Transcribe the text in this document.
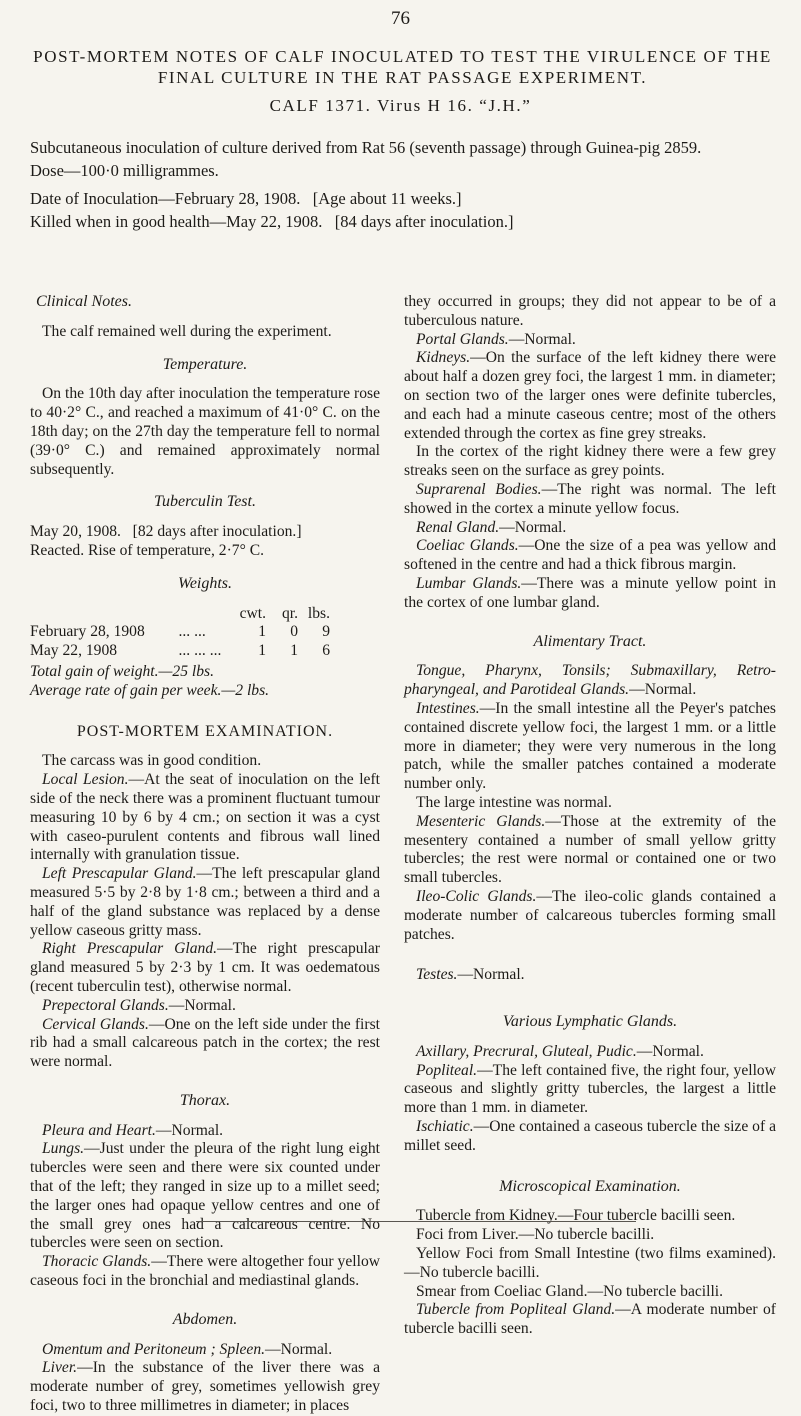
76
POST-MORTEM NOTES OF CALF INOCULATED TO TEST THE VIRULENCE OF THE FINAL CULTURE IN THE RAT PASSAGE EXPERIMENT.
CALF 1371. Virus H 16. “J.H.”
Subcutaneous inoculation of culture derived from Rat 56 (seventh passage) through Guinea-pig 2859.
Dose—100·0 milligrammes.
Date of Inoculation—February 28, 1908.   [Age about 11 weeks.]
Killed when in good health—May 22, 1908.   [84 days after inoculation.]
Clinical Notes.

The calf remained well during the experiment.

Temperature.

On the 10th day after inoculation the temperature rose to 40·2° C., and reached a maximum of 41·0° C. on the 18th day; on the 27th day the temperature fell to normal (39·0° C.) and remained approximately normal subsequently.

Tuberculin Test.

May 20, 1908.   [82 days after inoculation.]

Reacted. Rise of temperature, 2·7° C.

Weights.
		cwt.	qr.	lbs.
February 28, 1908	... ...	1	0	9
May 22, 1908	... ... ...	1	1	6

Total gain of weight.—25 lbs.

Average rate of gain per week.—2 lbs.

POST-MORTEM EXAMINATION.

The carcass was in good condition.

Local Lesion.—At the seat of inoculation on the left side of the neck there was a prominent fluctuant tumour measuring 10 by 6 by 4 cm.; on section it was a cyst with caseo-purulent contents and fibrous wall lined internally with granulation tissue.

Left Prescapular Gland.—The left prescapular gland measured 5·5 by 2·8 by 1·8 cm.; between a third and a half of the gland substance was replaced by a dense yellow caseous gritty mass.

Right Prescapular Gland.—The right prescapular gland measured 5 by 2·3 by 1 cm. It was oedematous (recent tuberculin test), otherwise normal.

Prepectoral Glands.—Normal.

Cervical Glands.—One on the left side under the first rib had a small calcareous patch in the cortex; the rest were normal.

Thorax.

Pleura and Heart.—Normal.

Lungs.—Just under the pleura of the right lung eight tubercles were seen and there were six counted under that of the left; they ranged in size up to a millet seed; the larger ones had opaque yellow centres and one of the small grey ones had a calcareous centre. No tubercles were seen on section.

Thoracic Glands.—There were altogether four yellow caseous foci in the bronchial and mediastinal glands.

Abdomen.

Omentum and Peritoneum ; Spleen.—Normal.

Liver.—In the substance of the liver there was a moderate number of grey, sometimes yellowish grey foci, two to three millimetres in diameter; in places

they occurred in groups; they did not appear to be of a tuberculous nature.

Portal Glands.—Normal.

Kidneys.—On the surface of the left kidney there were about half a dozen grey foci, the largest 1 mm. in diameter; on section two of the larger ones were definite tubercles, and each had a minute caseous centre; most of the others extended through the cortex as fine grey streaks.

In the cortex of the right kidney there were a few grey streaks seen on the surface as grey points.

Suprarenal Bodies.—The right was normal. The left showed in the cortex a minute yellow focus.

Renal Gland.—Normal.

Coeliac Glands.—One the size of a pea was yellow and softened in the centre and had a thick fibrous margin.

Lumbar Glands.—There was a minute yellow point in the cortex of one lumbar gland.

Alimentary Tract.

Tongue, Pharynx, Tonsils; Submaxillary, Retro-pharyngeal, and Parotideal Glands.—Normal.

Intestines.—In the small intestine all the Peyer's patches contained discrete yellow foci, the largest 1 mm. or a little more in diameter; they were very numerous in the long patch, while the smaller patches contained a moderate number only.

The large intestine was normal.

Mesenteric Glands.—Those at the extremity of the mesentery contained a number of small yellow gritty tubercles; the rest were normal or contained one or two small tubercles.

Ileo-Colic Glands.—The ileo-colic glands contained a moderate number of calcareous tubercles forming small patches.

Testes.—Normal.

Various Lymphatic Glands.

Axillary, Precrural, Gluteal, Pudic.—Normal.

Popliteal.—The left contained five, the right four, yellow caseous and slightly gritty tubercles, the largest a little more than 1 mm. in diameter.

Ischiatic.—One contained a caseous tubercle the size of a millet seed.

Microscopical Examination.

Tubercle from Kidney.—Four tubercle bacilli seen.

Foci from Liver.—No tubercle bacilli.

Yellow Foci from Small Intestine (two films examined).—No tubercle bacilli.

Smear from Coeliac Gland.—No tubercle bacilli.

Tubercle from Popliteal Gland.—A moderate number of tubercle bacilli seen.
